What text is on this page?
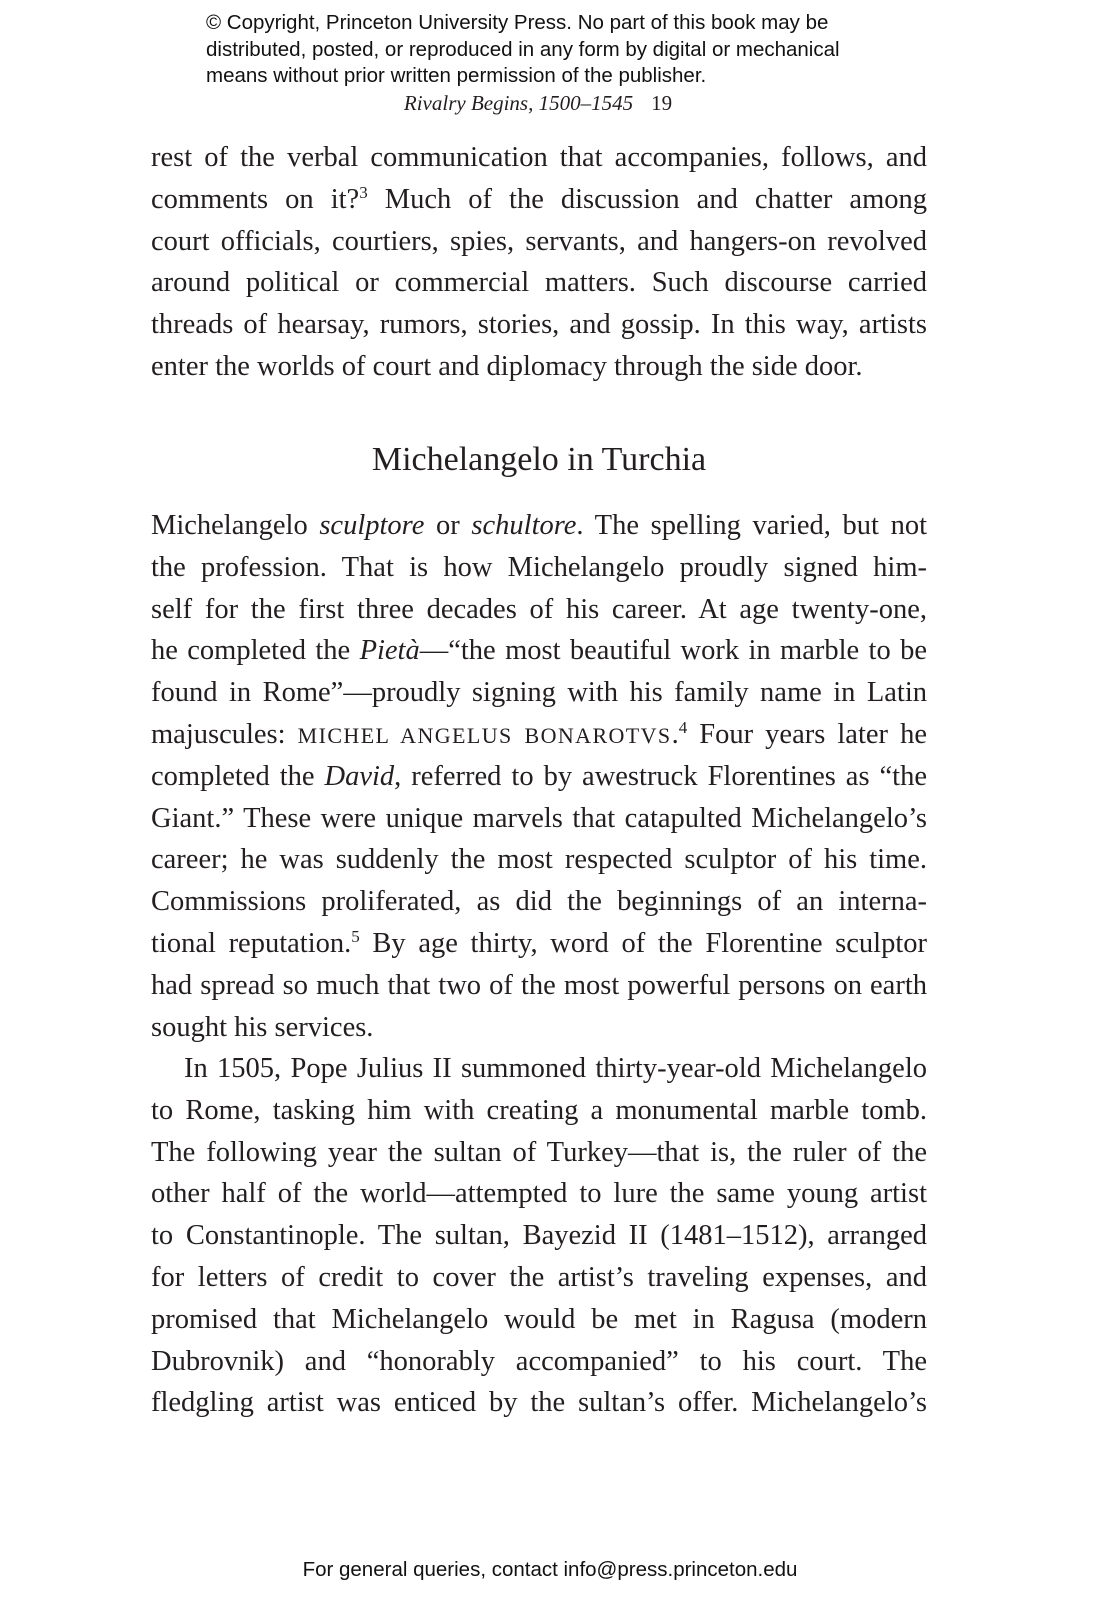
© Copyright, Princeton University Press. No part of this book may be
distributed, posted, or reproduced in any form by digital or mechanical
means without prior written permission of the publisher.
Rivalry Begins, 1500–1545 19
rest of the verbal communication that accompanies, follows, and
comments on it?$^3$ Much of the discussion and chatter among
court officials, courtiers, spies, servants, and hangers-on revolved
around political or commercial matters. Such discourse carried
threads of hearsay, rumors, stories, and gossip. In this way, artists
enter the worlds of court and diplomacy through the side door.
Michelangelo in Turchia
Michelangelo sculptore or schultore. The spelling varied, but not
the profession. That is how Michelangelo proudly signed him-
self for the first three decades of his career. At age twenty-one,
he completed the Pietà—“the most beautiful work in marble to be
found in Rome”—proudly signing with his family name in Latin
majuscules: MICHEL ANGELUS BONAROTVS.$^4$ Four years later he
completed the David, referred to by awestruck Florentines as “the
Giant.” These were unique marvels that catapulted Michelangelo’s
career; he was suddenly the most respected sculptor of his time.
Commissions proliferated, as did the beginnings of an interna-
tional reputation.$^5$ By age thirty, word of the Florentine sculptor
had spread so much that two of the most powerful persons on earth
sought his services.
In 1505, Pope Julius II summoned thirty-year-old Michelangelo
to Rome, tasking him with creating a monumental marble tomb.
The following year the sultan of Turkey—that is, the ruler of the
other half of the world—attempted to lure the same young artist
to Constantinople. The sultan, Bayezid II (1481–1512), arranged
for letters of credit to cover the artist’s traveling expenses, and
promised that Michelangelo would be met in Ragusa (modern
Dubrovnik) and “honorably accompanied” to his court. The
fledgling artist was enticed by the sultan’s offer. Michelangelo’s
For general queries, contact info@press.princeton.edu
